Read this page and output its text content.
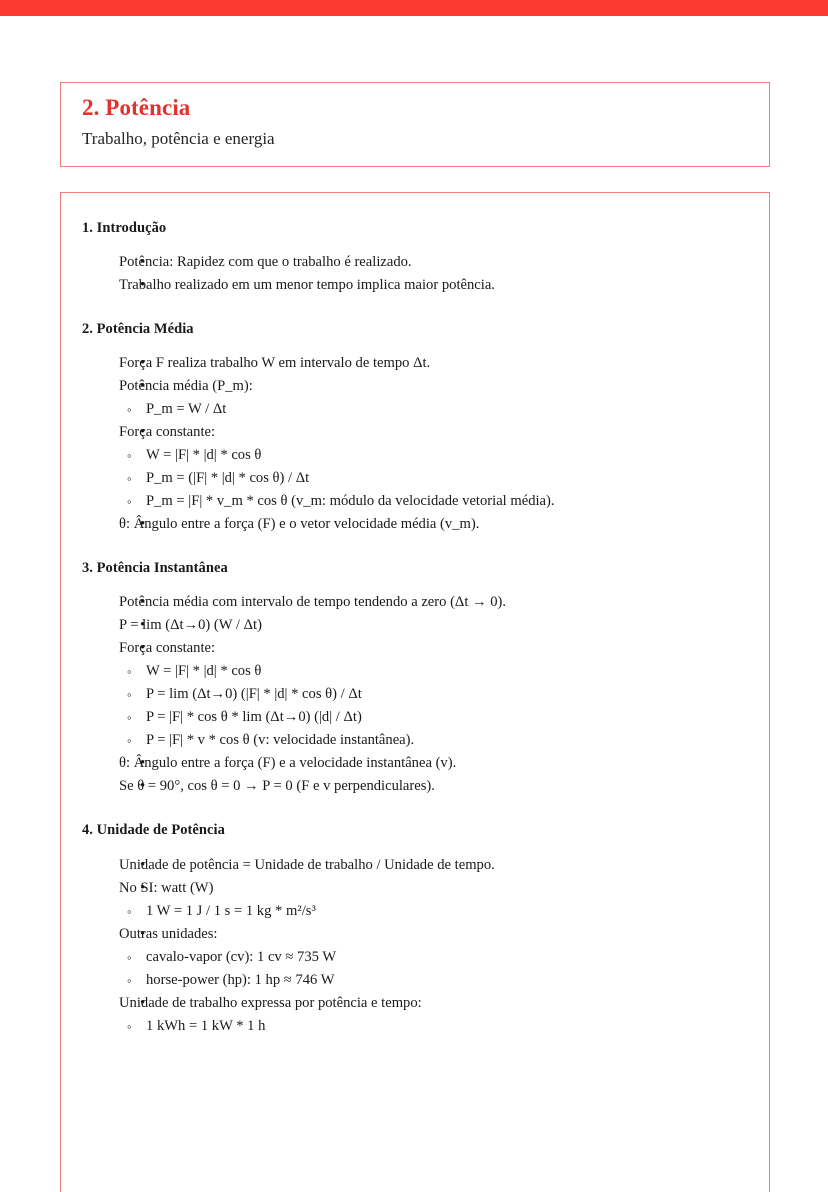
2. Potência
Trabalho, potência e energia
1. Introdução
• Potência: Rapidez com que o trabalho é realizado.
• Trabalho realizado em um menor tempo implica maior potência.
2. Potência Média
• Força F realiza trabalho W em intervalo de tempo Δt.
• Potência média (P_m):
◦ P_m = W / Δt
• Força constante:
◦ W = |F| * |d| * cos θ
◦ P_m = (|F| * |d| * cos θ) / Δt
◦ P_m = |F| * v_m * cos θ (v_m: módulo da velocidade vetorial média).
• θ: Ângulo entre a força (F) e o vetor velocidade média (v_m).
3. Potência Instantânea
• Potência média com intervalo de tempo tendendo a zero (Δt → 0).
• P = lim (Δt→0) (W / Δt)
• Força constante:
◦ W = |F| * |d| * cos θ
◦ P = lim (Δt→0) (|F| * |d| * cos θ) / Δt
◦ P = |F| * cos θ * lim (Δt→0) (|d| / Δt)
◦ P = |F| * v * cos θ (v: velocidade instantânea).
• θ: Ângulo entre a força (F) e a velocidade instantânea (v).
• Se θ = 90°, cos θ = 0 → P = 0 (F e v perpendiculares).
4. Unidade de Potência
• Unidade de potência = Unidade de trabalho / Unidade de tempo.
• No SI: watt (W)
◦ 1 W = 1 J / 1 s = 1 kg * m²/s³
• Outras unidades:
◦ cavalo-vapor (cv): 1 cv ≈ 735 W
◦ horse-power (hp): 1 hp ≈ 746 W
• Unidade de trabalho expressa por potência e tempo:
◦ 1 kWh = 1 kW * 1 h
